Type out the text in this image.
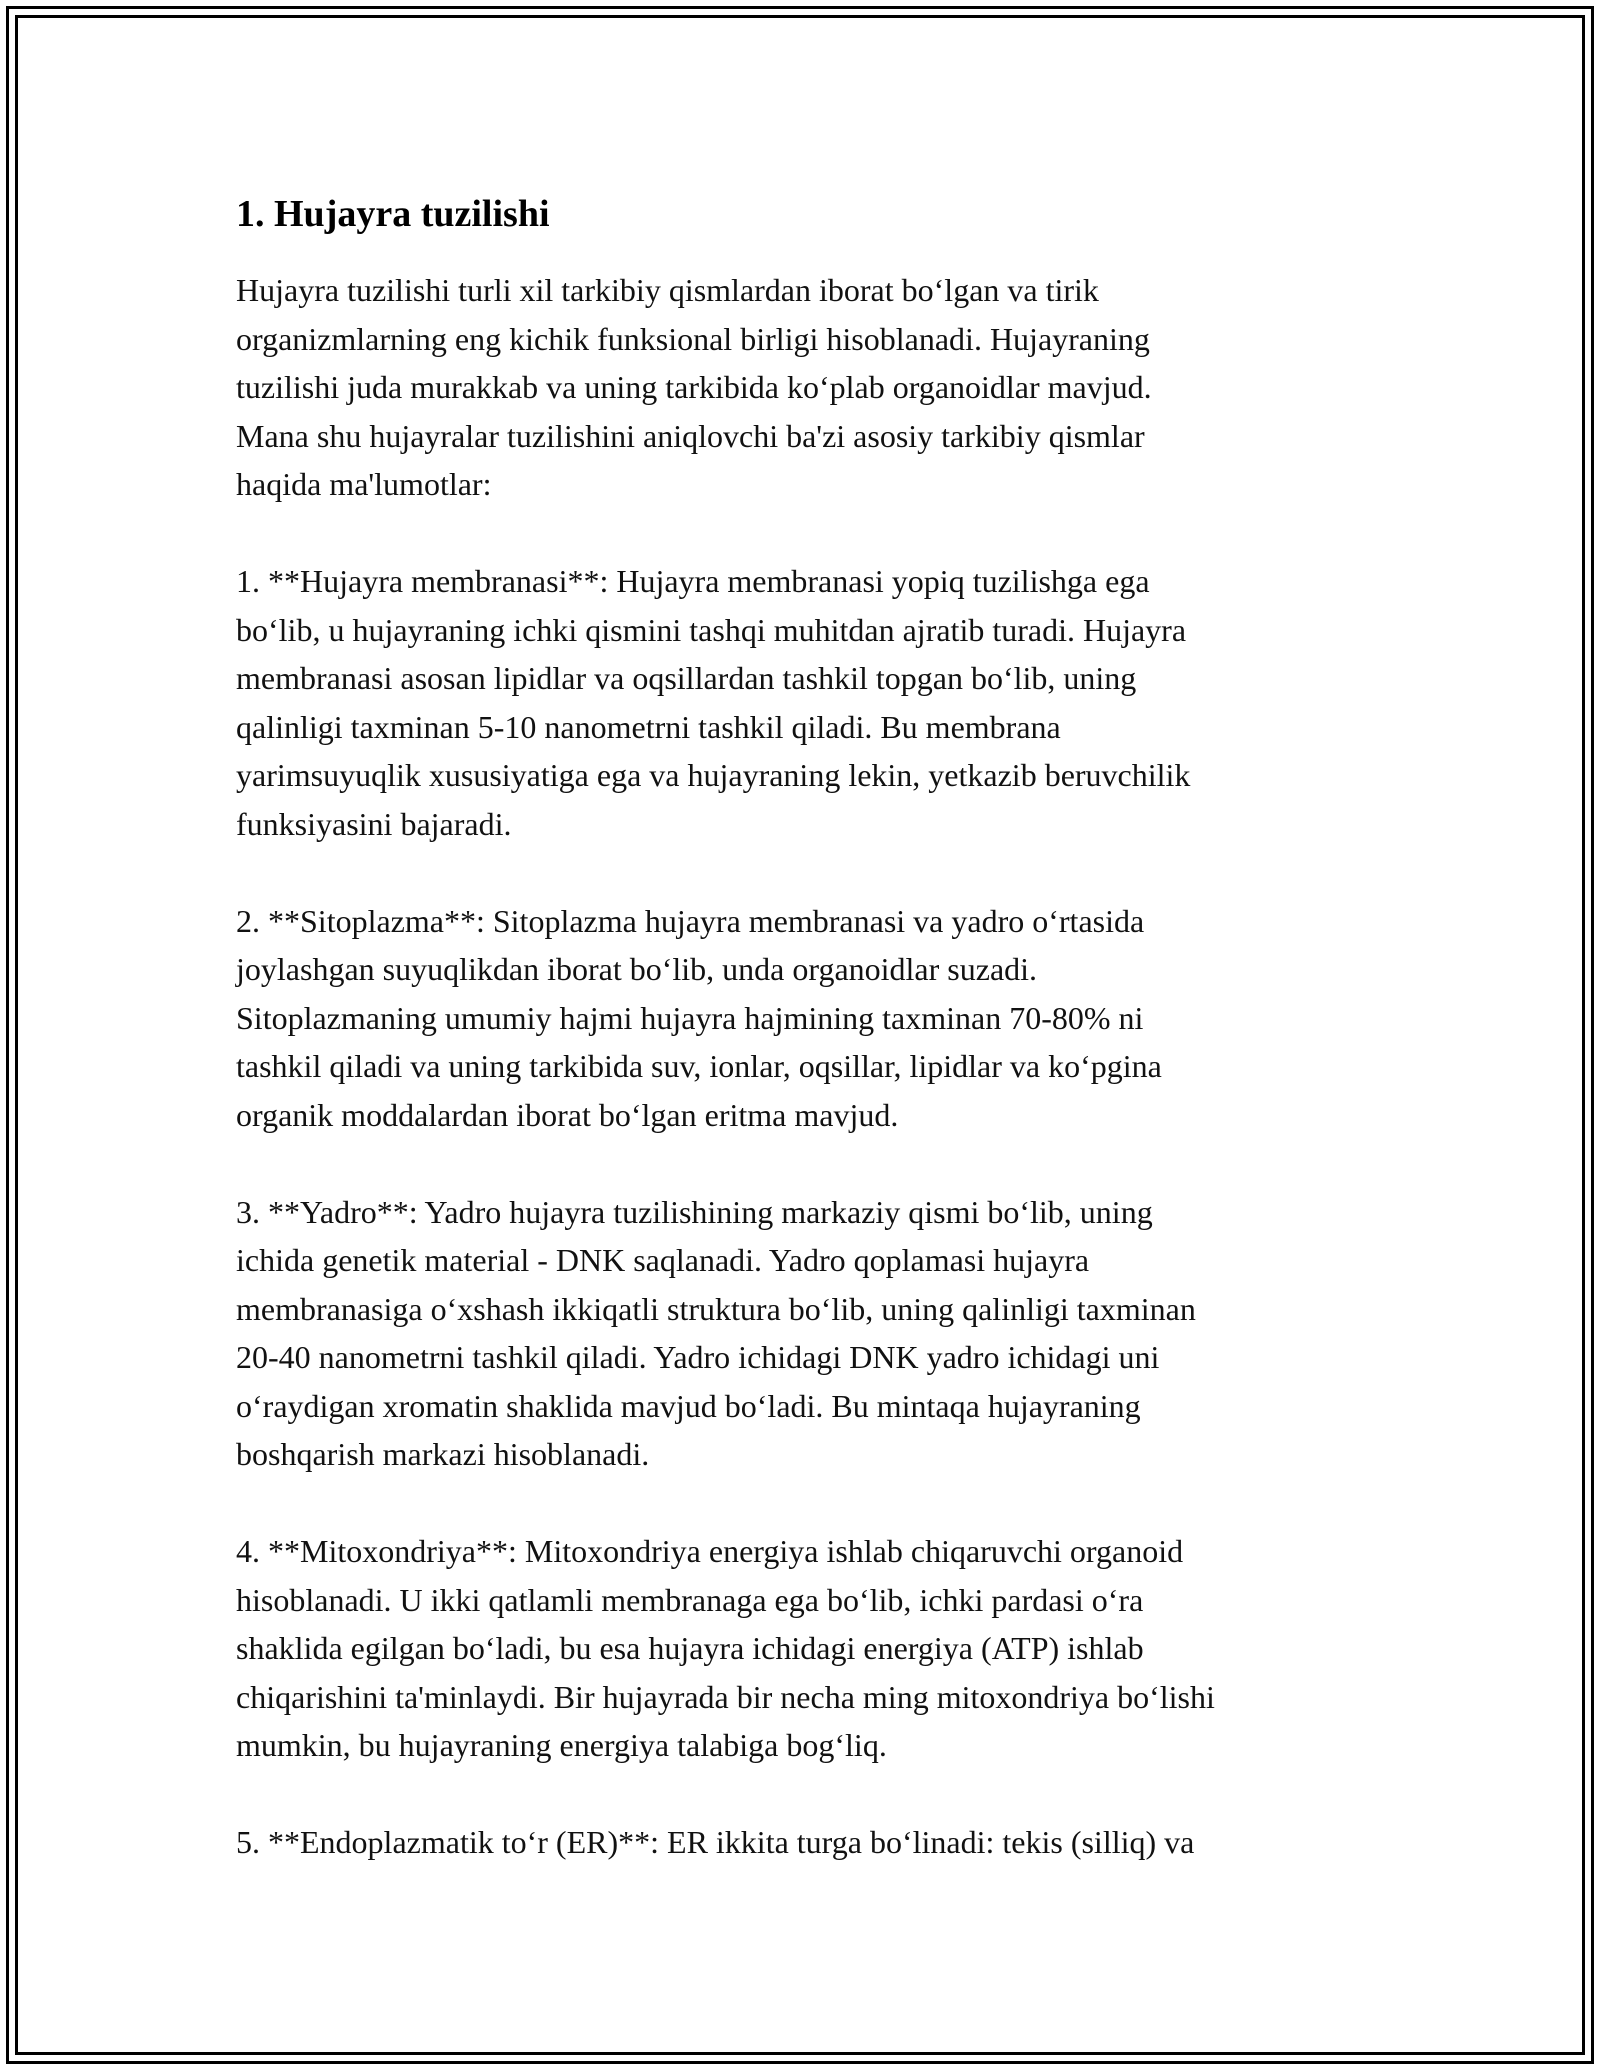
1. Hujayra tuzilishi

Hujayra tuzilishi turli xil tarkibiy qismlardan iborat bo‘lgan va tirik
organizmlarning eng kichik funksional birligi hisoblanadi. Hujayraning
tuzilishi juda murakkab va uning tarkibida ko‘plab organoidlar mavjud.
Mana shu hujayralar tuzilishini aniqlovchi ba'zi asosiy tarkibiy qismlar
haqida ma'lumotlar:

1. **Hujayra membranasi**: Hujayra membranasi yopiq tuzilishga ega
bo‘lib, u hujayraning ichki qismini tashqi muhitdan ajratib turadi. Hujayra
membranasi asosan lipidlar va oqsillardan tashkil topgan bo‘lib, uning
qalinligi taxminan 5-10 nanometrni tashkil qiladi. Bu membrana
yarimsuyuqlik xususiyatiga ega va hujayraning lekin, yetkazib beruvchilik
funksiyasini bajaradi.

2. **Sitoplazma**: Sitoplazma hujayra membranasi va yadro o‘rtasida
joylashgan suyuqlikdan iborat bo‘lib, unda organoidlar suzadi.
Sitoplazmaning umumiy hajmi hujayra hajmining taxminan 70-80% ni
tashkil qiladi va uning tarkibida suv, ionlar, oqsillar, lipidlar va ko‘pgina
organik moddalardan iborat bo‘lgan eritma mavjud.

3. **Yadro**: Yadro hujayra tuzilishining markaziy qismi bo‘lib, uning
ichida genetik material - DNK saqlanadi. Yadro qoplamasi hujayra
membranasiga o‘xshash ikkiqatli struktura bo‘lib, uning qalinligi taxminan
20-40 nanometrni tashkil qiladi. Yadro ichidagi DNK yadro ichidagi uni
o‘raydigan xromatin shaklida mavjud bo‘ladi. Bu mintaqa hujayraning
boshqarish markazi hisoblanadi.

4. **Mitoxondriya**: Mitoxondriya energiya ishlab chiqaruvchi organoid
hisoblanadi. U ikki qatlamli membranaga ega bo‘lib, ichki pardasi o‘ra
shaklida egilgan bo‘ladi, bu esa hujayra ichidagi energiya (ATP) ishlab
chiqarishini ta'minlaydi. Bir hujayrada bir necha ming mitoxondriya bo‘lishi
mumkin, bu hujayraning energiya talabiga bog‘liq.

5. **Endoplazmatik to‘r (ER)**: ER ikkita turga bo‘linadi: tekis (silliq) va
